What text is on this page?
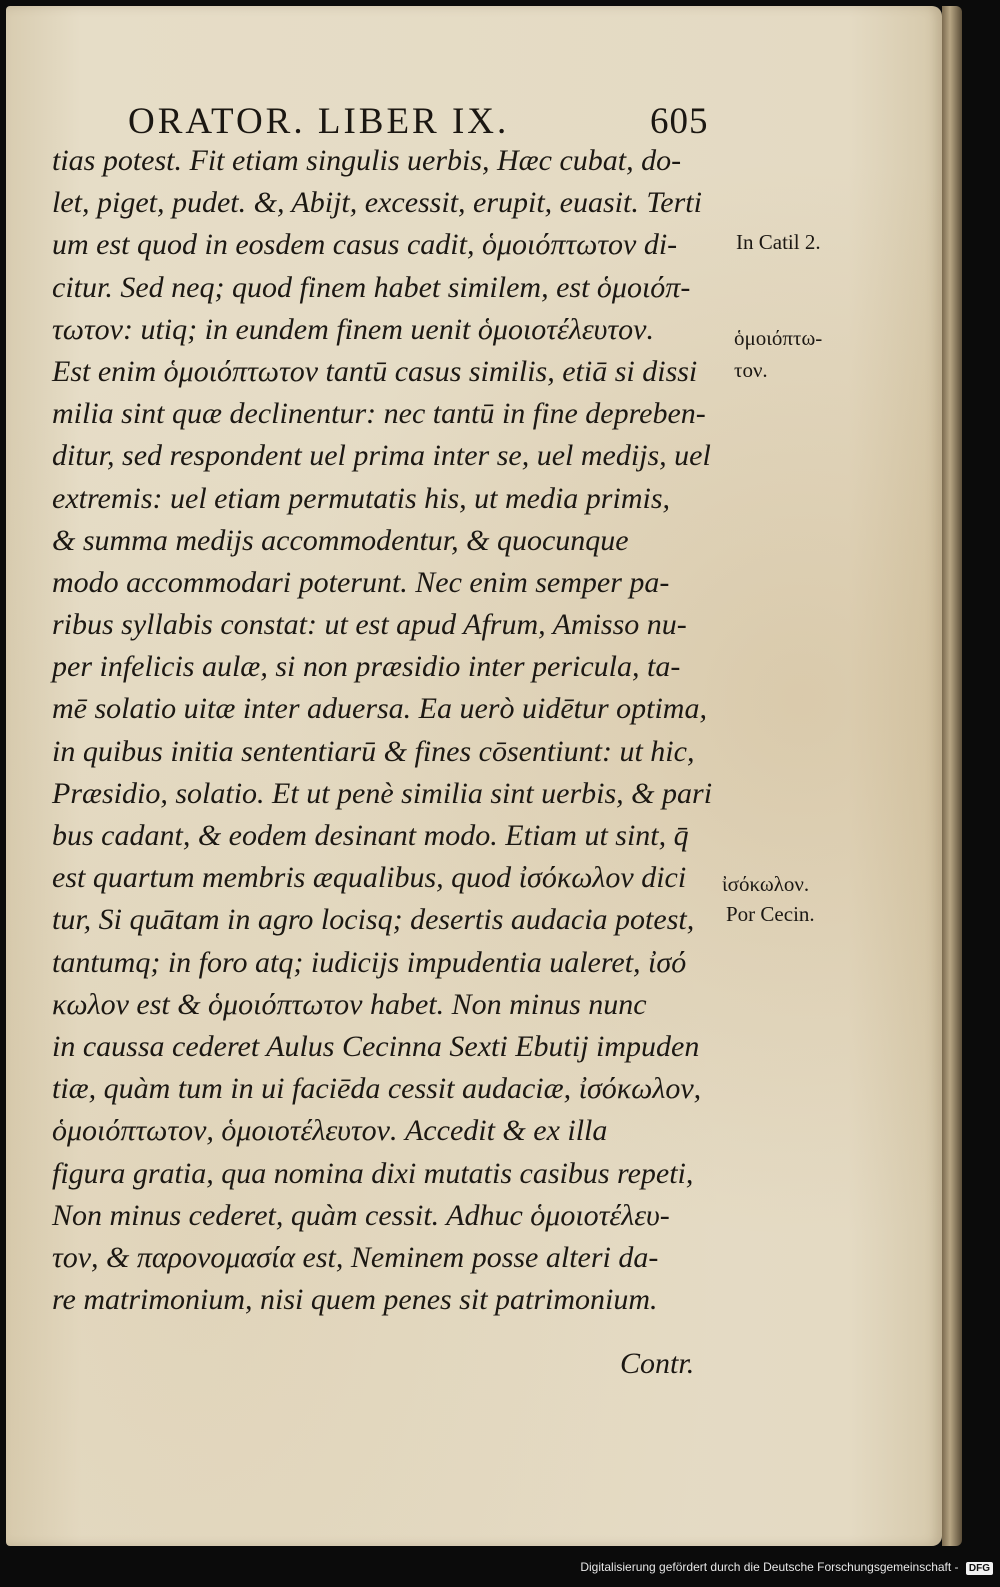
ORATOR. LIBER IX.	605
tias potest. Fit etiam singulis uerbis, Hæc cubat, do-
let, piget, pudet. &, Abijt, excessit, erupit, euasit. Terti
um est quod in eosdem casus cadit, ὁμοιόπτωτον di-
citur. Sed neq; quod finem habet similem, est ὁμοιόπ-
τωτον: utiq; in eundem finem uenit ὁμοιοτέλευτον.
Est enim ὁμοιόπτωτον tantū casus similis, etiā si dissi
milia sint quæ declinentur: nec tantū in fine depreben-
ditur, sed respondent uel prima inter se, uel medijs, uel
extremis: uel etiam permutatis his, ut media primis,
& summa medijs accommodentur, & quocunque
modo accommodari poterunt. Nec enim semper pa-
ribus syllabis constat: ut est apud Afrum, Amisso nu-
per infelicis aulæ, si non præsidio inter pericula, ta-
mē solatio uitæ inter aduersa. Ea uerò uidētur optima,
in quibus initia sententiarū & fines cōsentiunt: ut hic,
Præsidio, solatio. Et ut penè similia sint uerbis, & pari
bus cadant, & eodem desinant modo. Etiam ut sint, q̄
est quartum membris æqualibus, quod ἰσόκωλον dici
tur, Si quātam in agro locisq; desertis audacia potest,
tantumq; in foro atq; iudicijs impudentia ualeret, ἰσό
κωλον est & ὁμοιόπτωτον habet. Non minus nunc
in caussa cederet Aulus Cecinna Sexti Ebutij impuden
tiæ, quàm tum in ui faciēda cessit audaciæ, ἰσόκωλον,
ὁμοιόπτωτον, ὁμοιοτέλευτον. Accedit & ex illa
figura gratia, qua nomina dixi mutatis casibus repeti,
Non minus cederet, quàm cessit. Adhuc ὁμοιοτέλευ-
τον, & παρονομασία est, Neminem posse alteri da-
re matrimonium, nisi quem penes sit patrimonium.
In Catil 2.
ὁμοιόπτω-
τον.
ἰσόκωλον.
Por Cecin.
Contr.
Digitalisierung gefördert durch die Deutsche Forschungsgemeinschaft - DFG
